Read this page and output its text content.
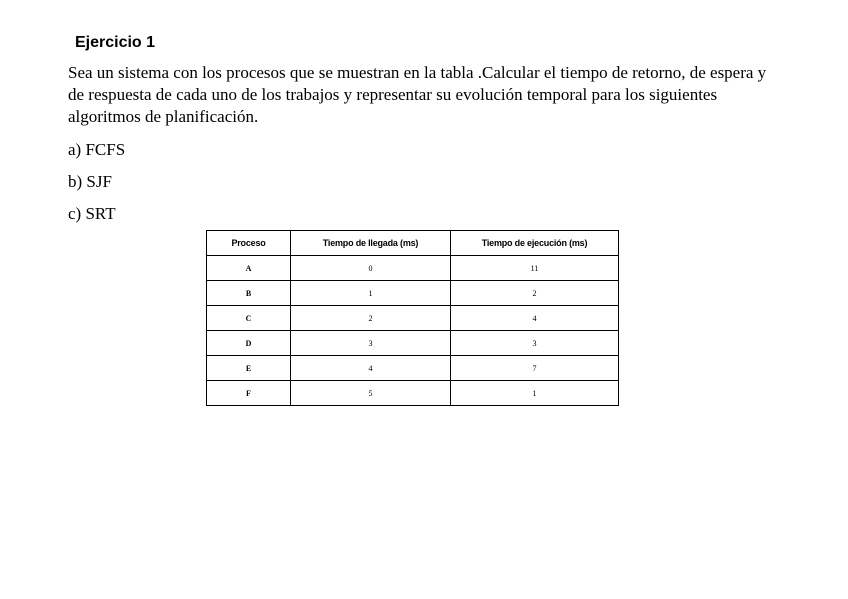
Ejercicio 1

Sea un sistema con los procesos que se muestran en la tabla .Calcular el tiempo de retorno, de espera y de respuesta de cada uno de los trabajos y representar su evolución temporal para los siguientes algoritmos de planificación.

a) FCFS

b) SJF

c) SRT

Proceso	Tiempo de llegada (ms)	Tiempo de ejecución (ms)
A	0	11
B	1	2
C	2	4
D	3	3
E	4	7
F	5	1
